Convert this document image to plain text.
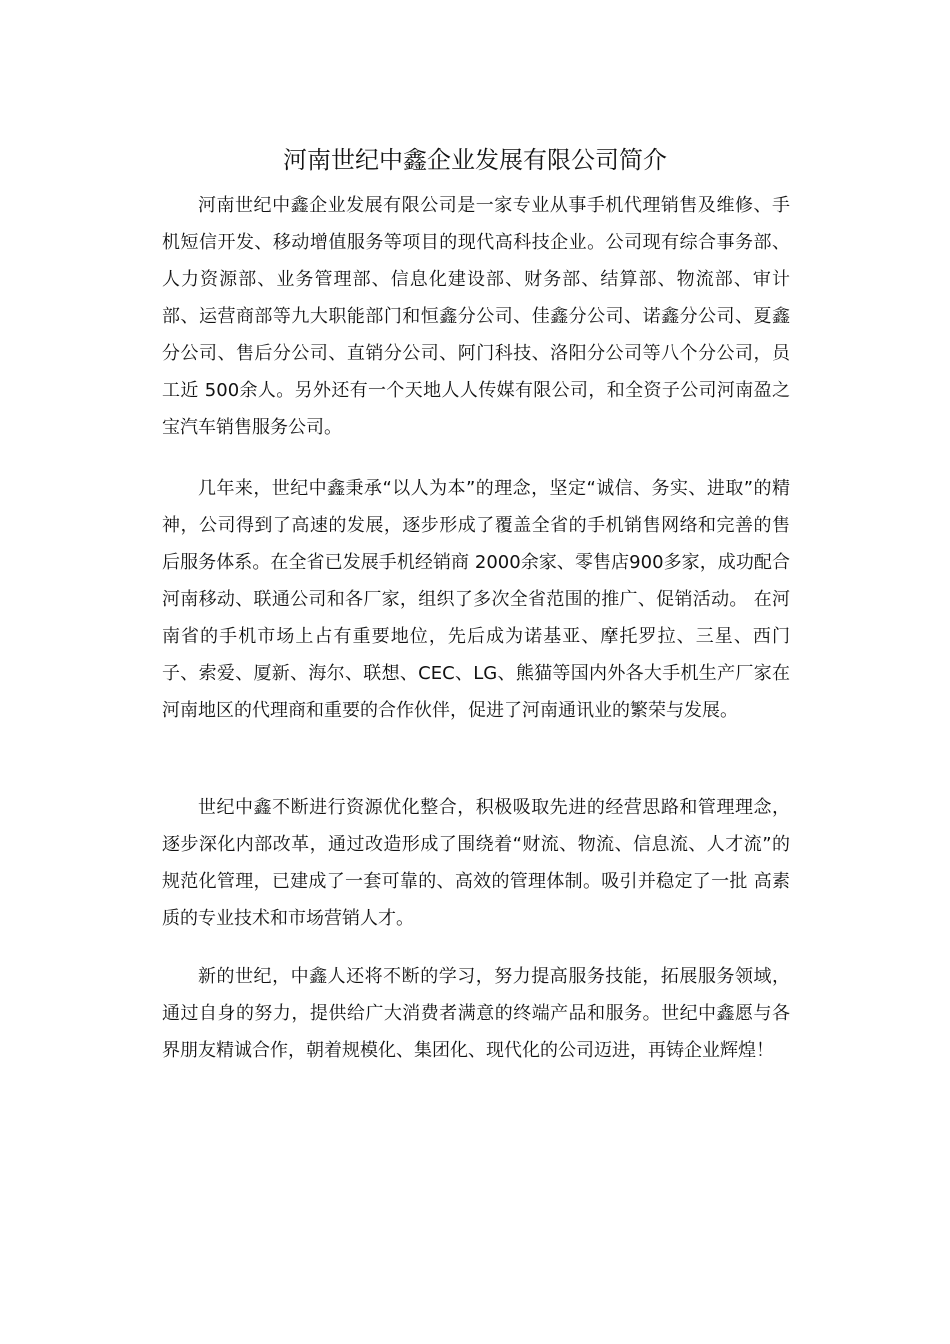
河南世纪中鑫企业发展有限公司简介

河南世纪中鑫企业发展有限公司是一家专业从事手机代理销售及维修、手机短信开发、移动增值服务等项目的现代高科技企业。公司现有综合事务部、人力资源部、业务管理部、信息化建设部、财务部、结算部、物流部、审计部、运营商部等九大职能部门和恒鑫分公司、佳鑫分公司、诺鑫分公司、夏鑫分公司、售后分公司、直销分公司、阿门科技、洛阳分公司等八个分公司，员工近 500余人。另外还有一个天地人人传媒有限公司，和全资子公司河南盈之宝汽车销售服务公司。

几年来，世纪中鑫秉承“以人为本”的理念，坚定“诚信、务实、进取”的精神，公司得到了高速的发展，逐步形成了覆盖全省的手机销售网络和完善的售后服务体系。在全省已发展手机经销商 2000余家、零售店900多家，成功配合河南移动、联通公司和各厂家，组织了多次全省范围的推广、促销活动。 在河南省的手机市场上占有重要地位，先后成为诺基亚、摩托罗拉、三星、西门子、索爱、厦新、海尔、联想、CEC、LG、熊猫等国内外各大手机生产厂家在河南地区的代理商和重要的合作伙伴，促进了河南通讯业的繁荣与发展。

世纪中鑫不断进行资源优化整合，积极吸取先进的经营思路和管理理念，逐步深化内部改革，通过改造形成了围绕着“财流、物流、信息流、人才流”的规范化管理，已建成了一套可靠的、高效的管理体制。吸引并稳定了一批 高素质的专业技术和市场营销人才。

新的世纪，中鑫人还将不断的学习，努力提高服务技能，拓展服务领域，通过自身的努力，提供给广大消费者满意的终端产品和服务。世纪中鑫愿与各界朋友精诚合作，朝着规模化、集团化、现代化的公司迈进，再铸企业辉煌！
